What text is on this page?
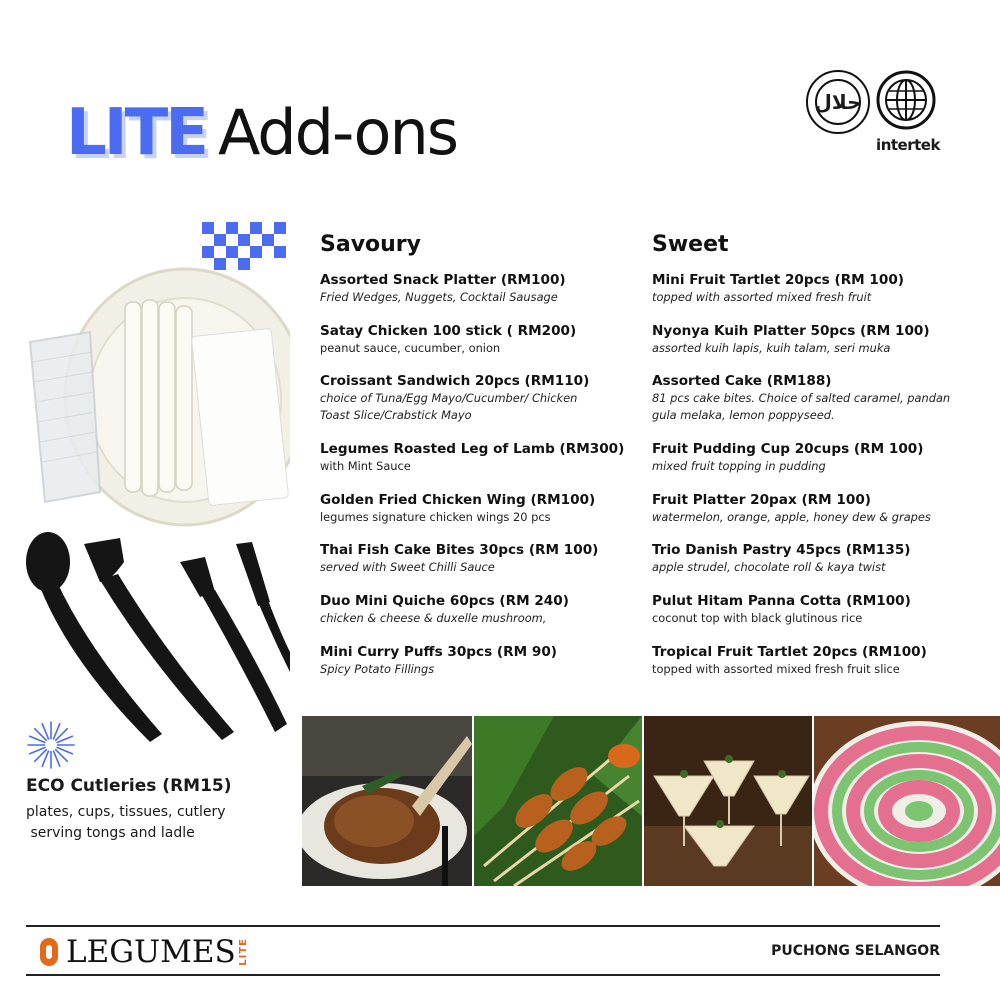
LITE Add-ons	حلال
intertek
Savoury
Assorted Snack Platter (RM100)
Fried Wedges, Nuggets, Cocktail Sausage
Satay Chicken 100 stick ( RM200)
peanut sauce, cucumber, onion
Croissant Sandwich 20pcs (RM110)
choice of Tuna/Egg Mayo/Cucumber/ Chicken Toast Slice/Crabstick Mayo
Legumes Roasted Leg of Lamb (RM300)
with Mint Sauce
Golden Fried Chicken Wing (RM100)
legumes signature chicken wings 20 pcs
Thai Fish Cake Bites 30pcs (RM 100)
served with Sweet Chilli Sauce
Duo Mini Quiche 60pcs (RM 240)
chicken & cheese & duxelle mushroom,
Mini Curry Puffs 30pcs (RM 90)
Spicy Potato Fillings
Sweet
Mini Fruit Tartlet 20pcs (RM 100)
topped with assorted mixed fresh fruit
Nyonya Kuih Platter 50pcs (RM 100)
assorted kuih lapis, kuih talam, seri muka
Assorted Cake (RM188)
81 pcs cake bites. Choice of salted caramel, pandan gula melaka, lemon poppyseed.
Fruit Pudding Cup 20cups (RM 100)
mixed fruit topping in pudding
Fruit Platter 20pax (RM 100)
watermelon, orange, apple, honey dew & grapes
Trio Danish Pastry 45pcs (RM135)
apple strudel, chocolate roll & kaya twist
Pulut Hitam Panna Cotta (RM100)
coconut top with black glutinous rice
Tropical Fruit Tartlet 20pcs (RM100)
topped with assorted mixed fresh fruit slice
ECO Cutleries (RM15)
plates, cups, tissues, cutlery
serving tongs and ladle
LEGUMES LITE	PUCHONG SELANGOR
